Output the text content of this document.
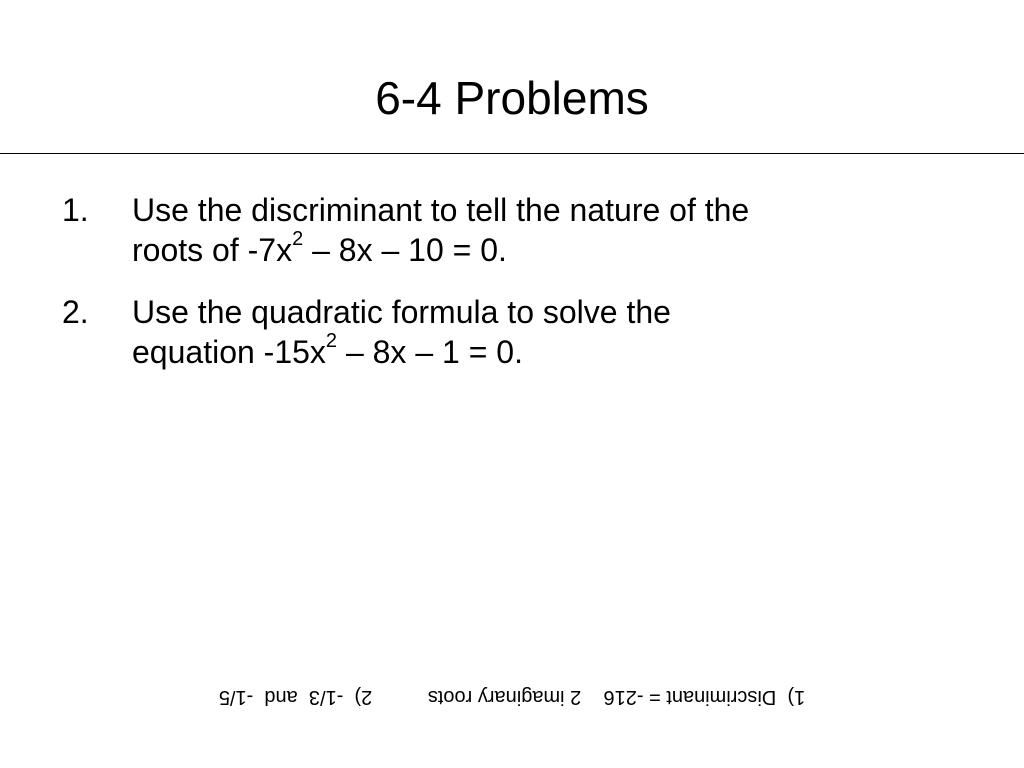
6-4 Problems
1. Use the discriminant to tell the nature of the
roots of $-7x^2 - 8x - 10 = 0$.
2. Use the quadratic formula to solve the
equation $-15x^2 - 8x - 1 = 0$.
1)  Discriminant = -216    2 imaginary roots          2)  -1/3  and  -1/5
